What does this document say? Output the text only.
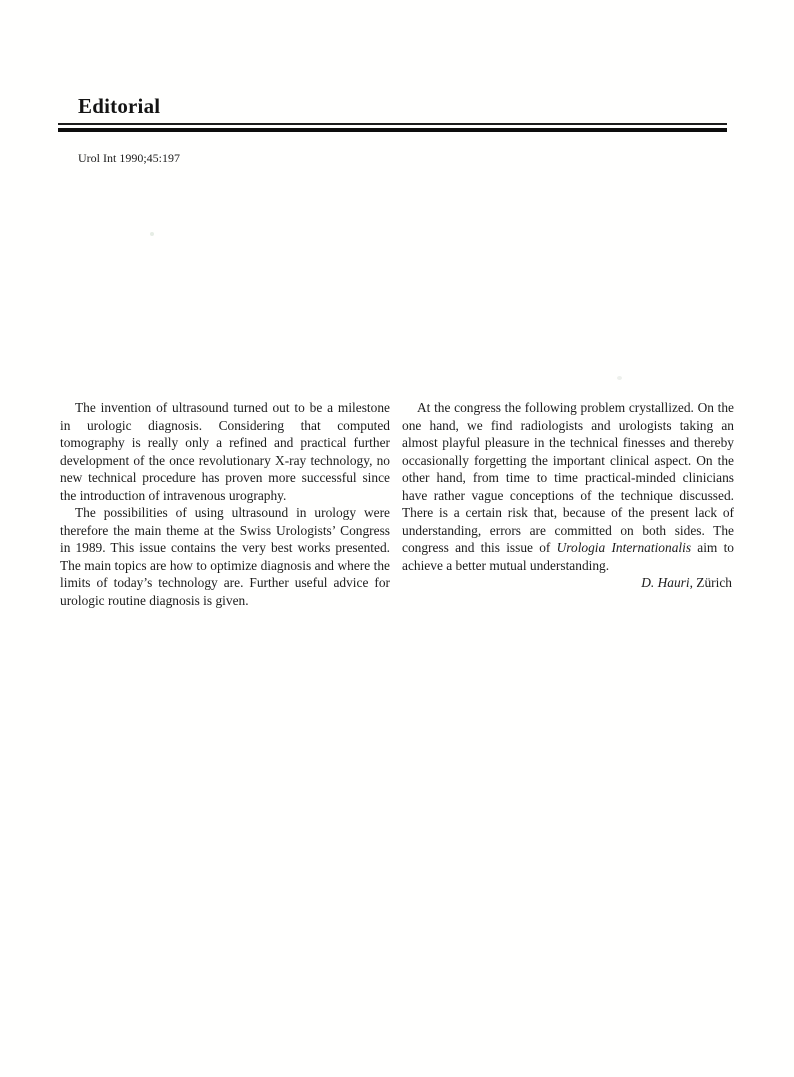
Editorial

Urol Int 1990;45:197

The invention of ultrasound turned out to be a milestone in urologic diagnosis. Considering that computed tomography is really only a refined and practical further development of the once revolutionary X-ray technology, no new technical procedure has proven more successful since the introduction of intravenous urography.

The possibilities of using ultrasound in urology were therefore the main theme at the Swiss Urologists’ Congress in 1989. This issue contains the very best works presented. The main topics are how to optimize diagnosis and where the limits of today’s technology are. Further useful advice for urologic routine diagnosis is given.

At the congress the following problem crystallized. On the one hand, we find radiologists and urologists taking an almost playful pleasure in the technical finesses and thereby occasionally forgetting the important clinical aspect. On the other hand, from time to time practical-minded clinicians have rather vague conceptions of the technique discussed. There is a certain risk that, because of the present lack of understanding, errors are committed on both sides. The congress and this issue of Urologia Internationalis aim to achieve a better mutual understanding.

D. Hauri, Zürich
